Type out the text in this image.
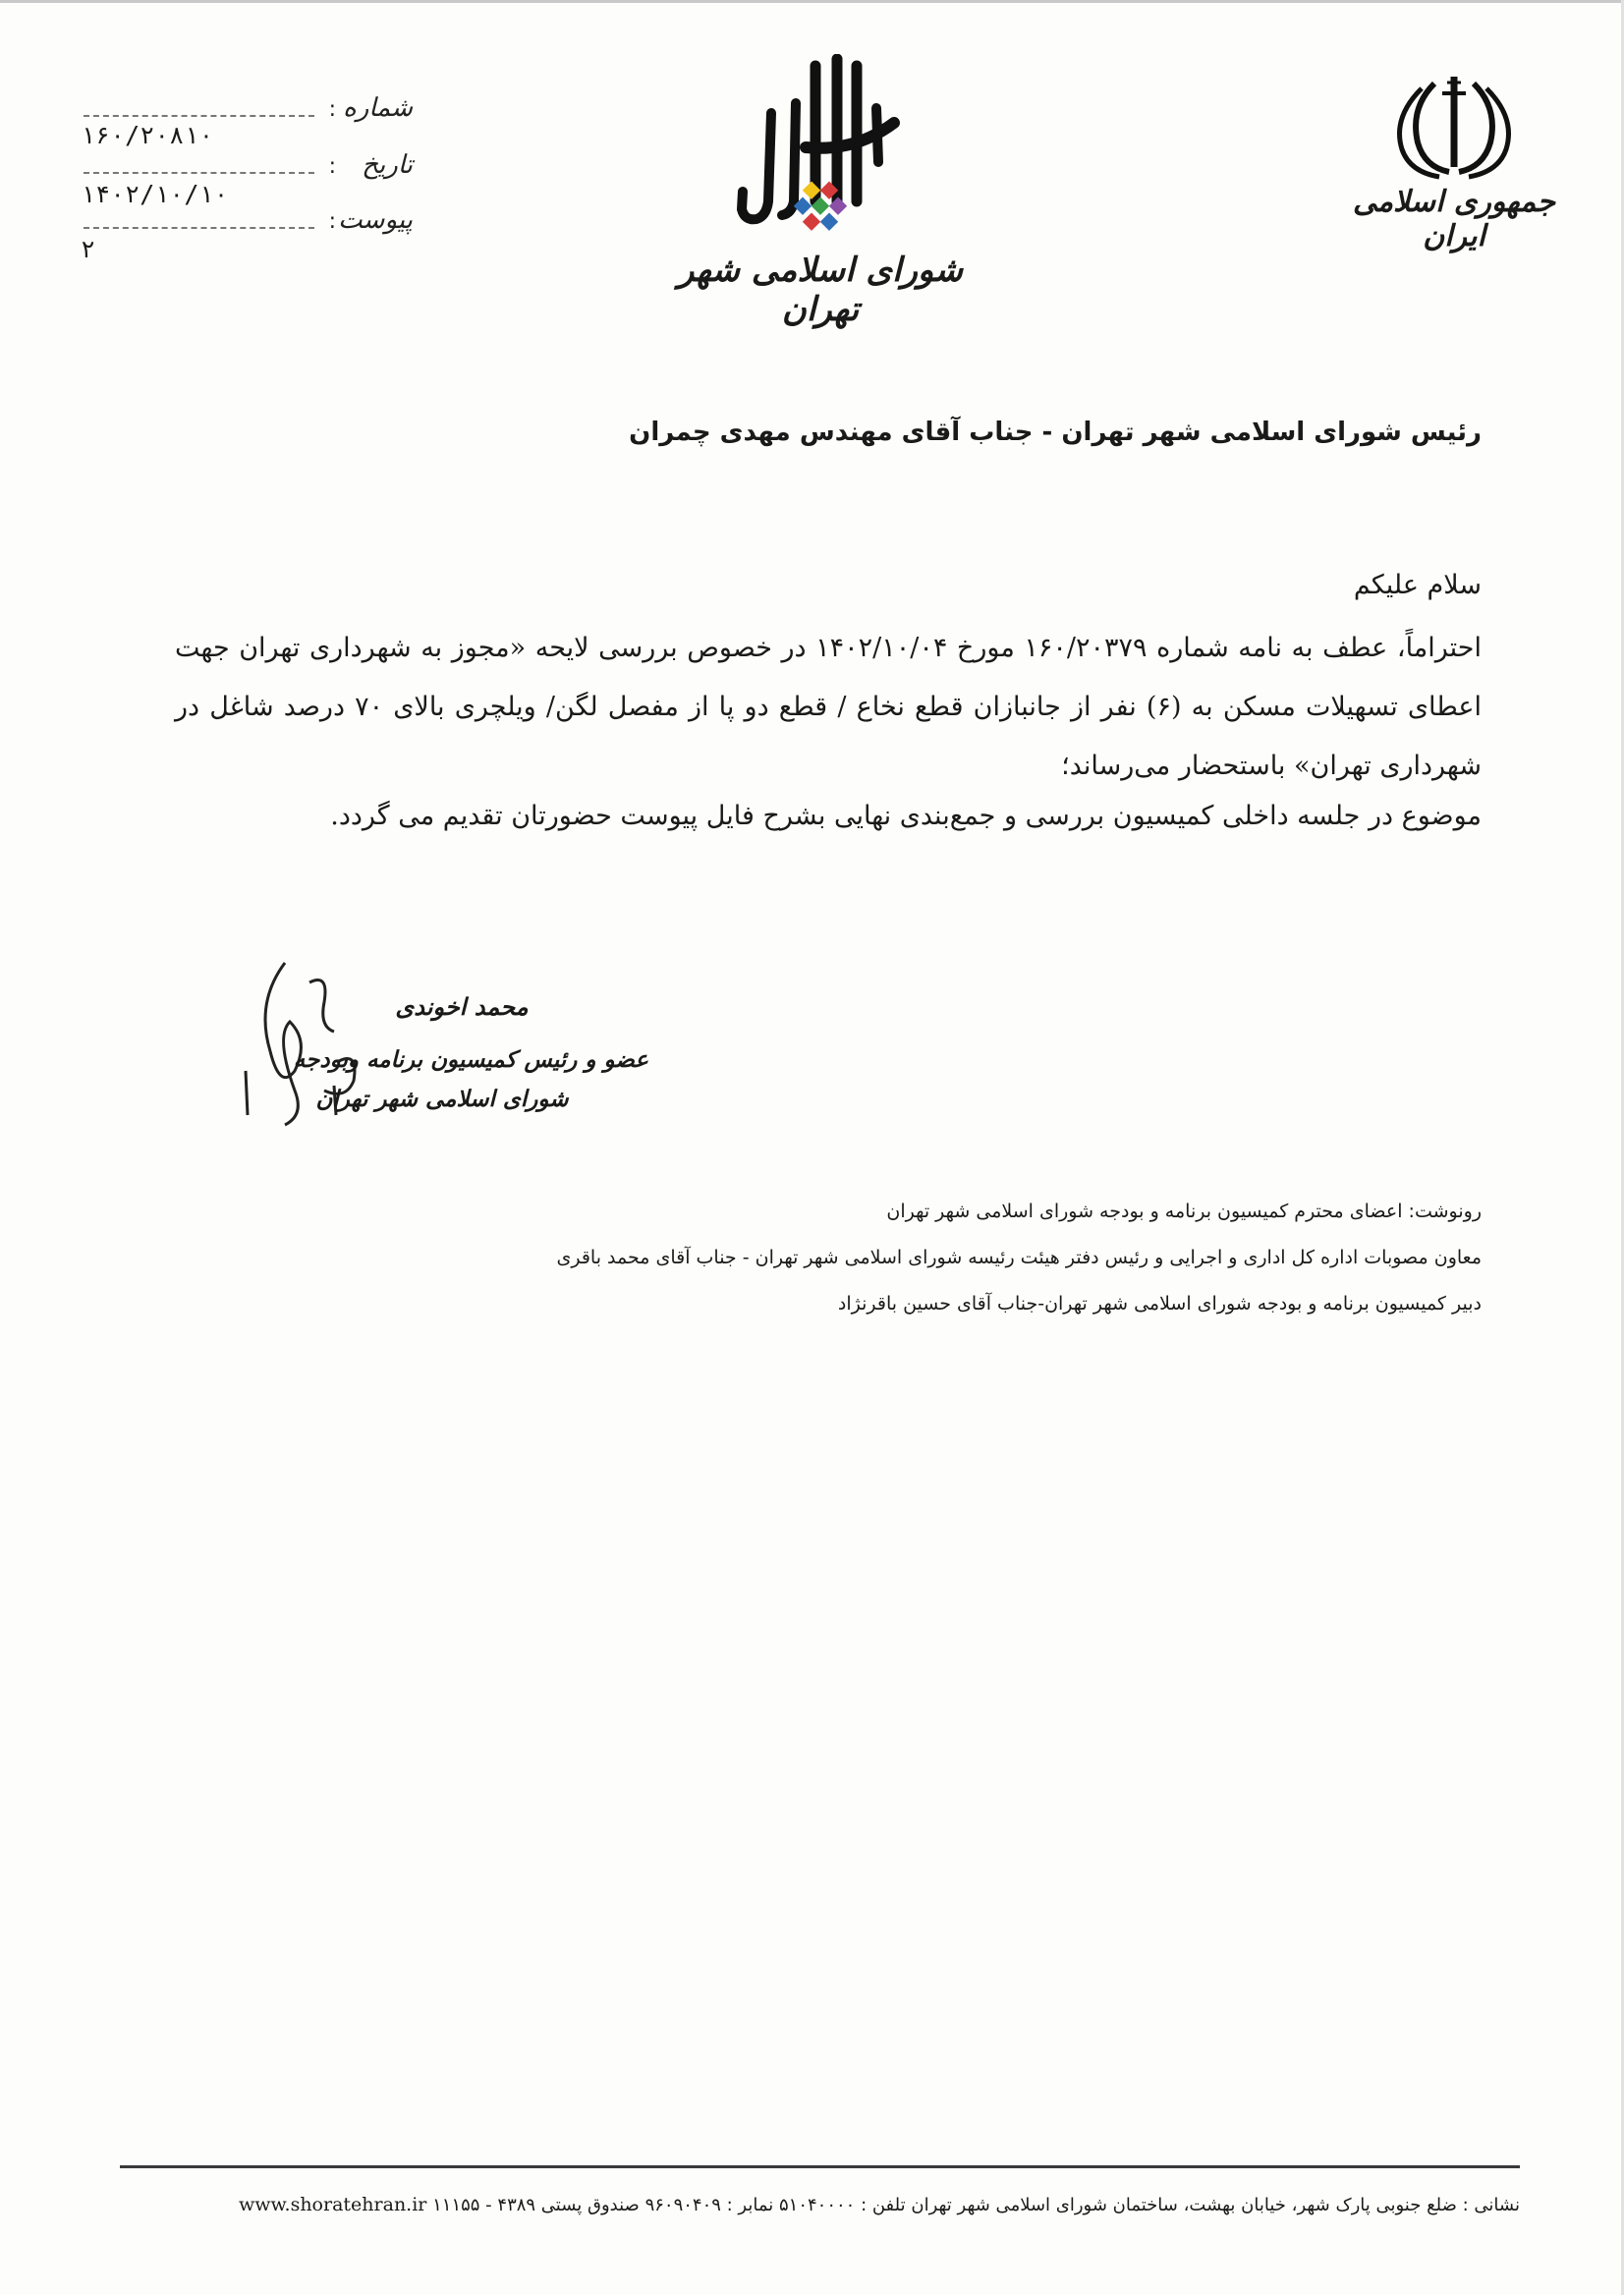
شماره
:
۱۶۰/۲۰۸۱۰
تاریخ
:
۱۴۰۲/۱۰/۱۰
پیوست
:
۲
شورای اسلامی شهر تهران
جمهوری اسلامی ایران
رئیس شورای اسلامی شهر تهران - جناب آقای مهندس مهدی چمران
سلام علیکم
احتراماً، عطف به نامه شماره ۱۶۰/۲۰۳۷۹ مورخ ۱۴۰۲/۱۰/۰۴ در خصوص بررسی لایحه «مجوز به شهرداری تهران جهت اعطای تسهیلات مسکن به (۶) نفر از جانبازان قطع نخاع / قطع دو پا از مفصل لگن/ ویلچری بالای ۷۰ درصد شاغل در شهرداری تهران» باستحضار می‌رساند؛
موضوع در جلسه داخلی کمیسیون بررسی و جمع‌بندی نهایی بشرح فایل پیوست حضورتان تقدیم می گردد.
محمد اخوندی
عضو و رئیس کمیسیون برنامه وبودجه
شورای اسلامی شهر تهران
رونوشت: اعضای محترم کمیسیون برنامه و بودجه شورای اسلامی شهر تهران
معاون مصوبات اداره کل اداری و اجرایی و رئیس دفتر هیئت رئیسه شورای اسلامی شهر تهران - جناب آقای محمد باقری
دبیر کمیسیون برنامه و بودجه شورای اسلامی شهر تهران-جناب آقای حسین باقرنژاد
نشانی : ضلع جنوبی پارک شهر، خیابان بهشت، ساختمان شورای اسلامی شهر تهران تلفن : ۵۱۰۴۰۰۰۰ نمابر : ۹۶۰۹۰۴۰۹ صندوق پستی ۴۳۸۹ - ۱۱۱۵۵ www.shoratehran.ir
